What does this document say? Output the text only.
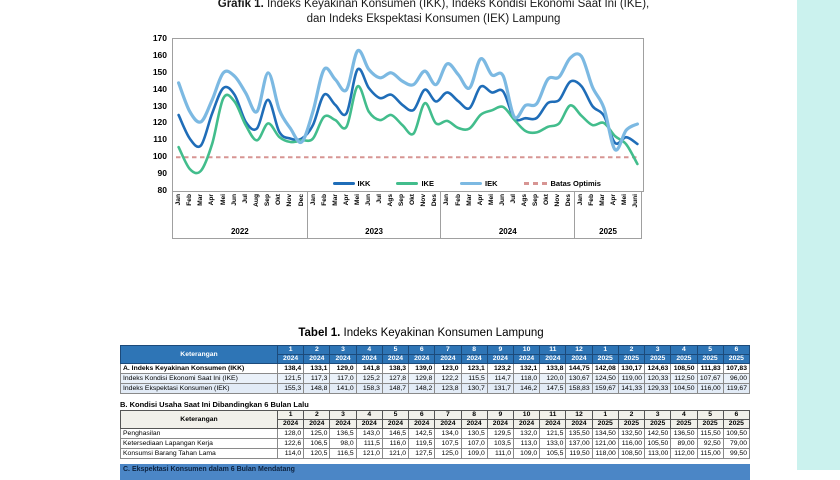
Grafik 1. Indeks Keyakinan Konsumen (IKK), Indeks Kondisi Ekonomi Saat Ini (IKE),
dan Indeks Ekspektasi Konsumen (IEK) Lampung
170
160
150
140
130
120
110
100
90
80
IKK	IKE	IEK	Batas Optimis
Jan Feb Mar Apr Mei Jun Jul Aug Sep Okt Nov Dec
2022
Jan Feb Mar Apr Mei Jun Jul Ags Sep Okt Nov Des
2023
Jan Feb Mar Apr Mei Jun Jul Ags Sep Okt Nov Des
2024
Jan Feb Mar Apr Mei Juni
2025
Tabel 1. Indeks Keyakinan Konsumen Lampung
Keterangan	1	2	3	4	5	6	7	8	9	10	11	12	1	2	3	4	5	6
	2024	2024	2024	2024	2024	2024	2024	2024	2024	2024	2024	2024	2025	2025	2025	2025	2025	2025
A. Indeks Keyakinan Konsumen (IKK)	138,4	133,1	129,0	141,8	138,3	139,0	123,0	123,1	123,2	132,1	133,8	144,75	142,08	130,17	124,63	108,50	111,83	107,83
Indeks Kondisi Ekonomi Saat Ini (IKE)	121,5	117,3	117,0	125,2	127,8	129,8	122,2	115,5	114,7	118,0	120,0	130,67	124,50	119,00	120,33	112,50	107,67	96,00
Indeks Ekspektasi Konsumen (IEK)	155,3	148,8	141,0	158,3	148,7	148,2	123,8	130,7	131,7	146,2	147,5	158,83	159,67	141,33	129,33	104,50	116,00	119,67
B. Kondisi Usaha Saat Ini Dibandingkan 6 Bulan Lalu
Keterangan	1	2	3	4	5	6	7	8	9	10	11	12	1	2	3	4	5	6
	2024	2024	2024	2024	2024	2024	2024	2024	2024	2024	2024	2024	2025	2025	2025	2025	2025	2025
Penghasilan	128,0	125,0	136,5	143,0	146,5	142,5	134,0	130,5	129,5	132,0	121,5	135,50	134,50	132,50	142,50	136,50	115,50	109,50
Ketersediaan Lapangan Kerja	122,6	106,5	98,0	111,5	116,0	119,5	107,5	107,0	103,5	113,0	133,0	137,00	121,00	116,00	105,50	89,00	92,50	79,00
Konsumsi Barang Tahan Lama	114,0	120,5	116,5	121,0	121,0	127,5	125,0	109,0	111,0	109,0	105,5	119,50	118,00	108,50	113,00	112,00	115,00	99,50
C. Ekspektasi Konsumen dalam 6 Bulan Mendatang
